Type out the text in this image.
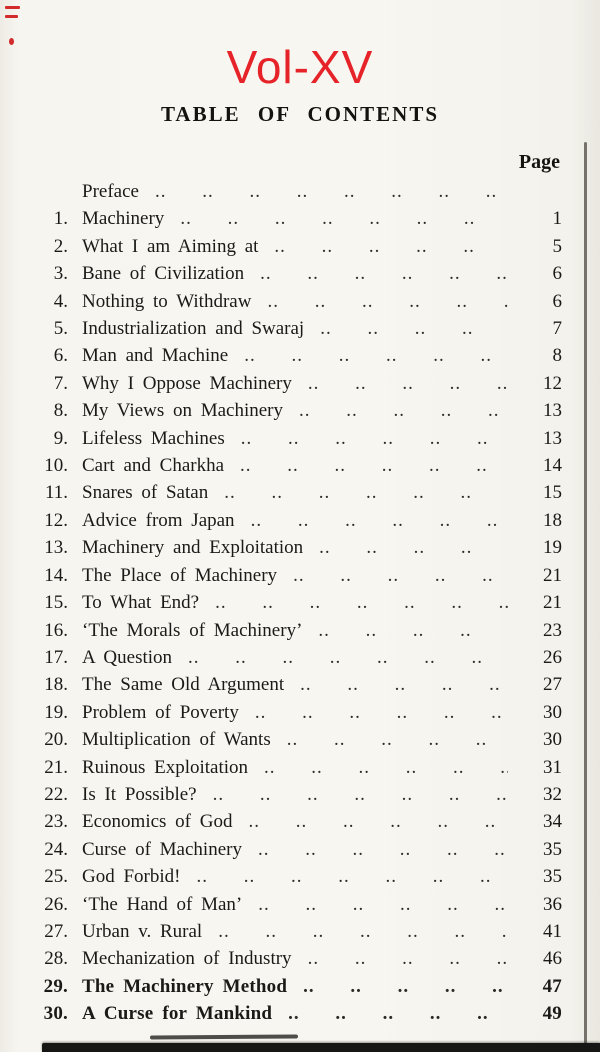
Vol-XV
TABLE OF CONTENTS
Page
Preface
.. ..
1. Machinery .. ..	1
2. What I am Aiming at .. ..	5
3. Bane of Civilization .. ..	6
4. Nothing to Withdraw .. ..	6
5. Industrialization and Swaraj .. ..	7
6. Man and Machine .. ..	8
7. Why I Oppose Machinery .. ..	12
8. My Views on Machinery .. ..	13
9. Lifeless Machines .. ..	13
10. Cart and Charkha .. ..	14
11. Snares of Satan .. ..	15
12. Advice from Japan .. ..	18
13. Machinery and Exploitation .. ..	19
14. The Place of Machinery .. ..	21
15. To What End? .. ..	21
16. ‘The Morals of Machinery’ .. ..	23
17. A Question .. ..	26
18. The Same Old Argument .. ..	27
19. Problem of Poverty .. ..	30
20. Multiplication of Wants .. ..	30
21. Ruinous Exploitation .. ..	31
22. Is It Possible? .. ..	32
23. Economics of God .. ..	34
24. Curse of Machinery .. ..	35
25. God Forbid! .. ..	35
26. ‘The Hand of Man’ .. ..	36
27. Urban v. Rural .. ..	41
28. Mechanization of Industry .. ..	46
29. The Machinery Method .. ..	47
30. A Curse for Mankind .. ..	49
